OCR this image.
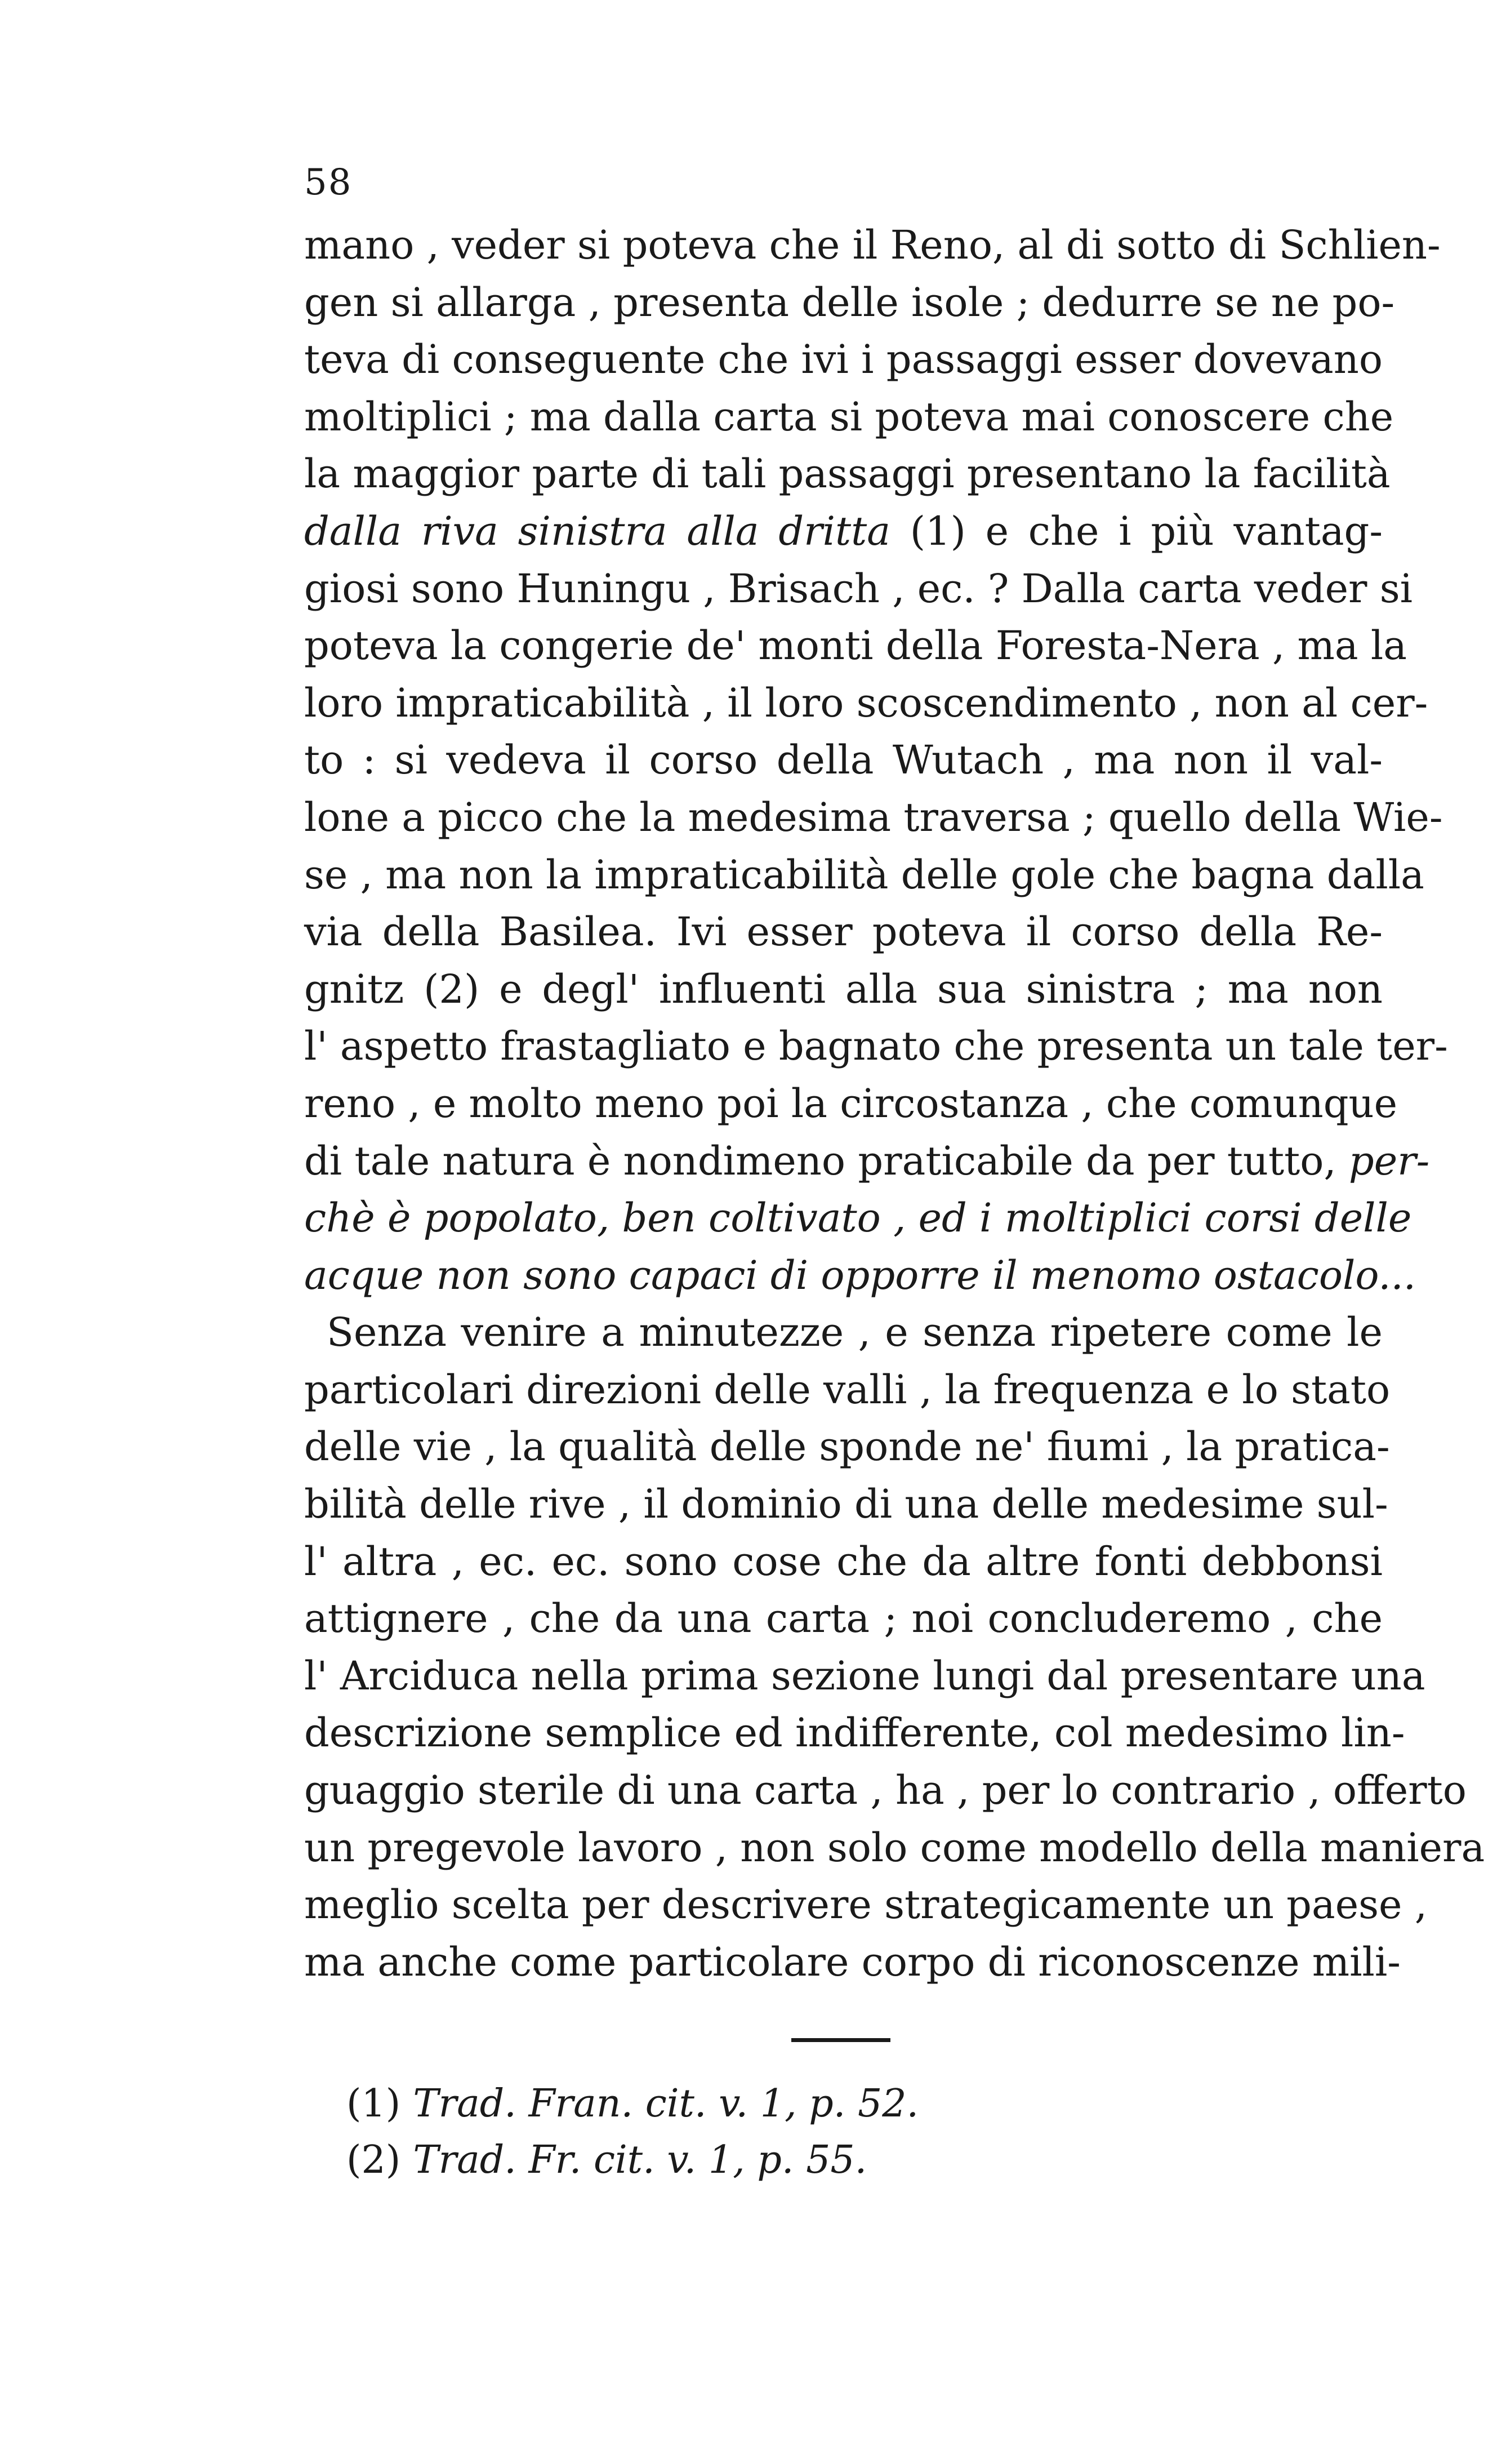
58
mano , veder si poteva che il Reno, al di sotto di Schlien-
gen si allarga , presenta delle isole ; dedurre se ne po-
teva di conseguente che ivi i passaggi esser dovevano
moltiplici ; ma dalla carta si poteva mai conoscere che
la maggior parte di tali passaggi presentano la facilità
dalla riva sinistra alla dritta (1) e che i più vantag-
giosi sono Huningu , Brisach , ec. ? Dalla carta veder si
poteva la congerie de' monti della Foresta-Nera , ma la
loro impraticabilità , il loro scoscendimento , non al cer-
to : si vedeva il corso della Wutach , ma non il val-
lone a picco che la medesima traversa ; quello della Wie-
se , ma non la impraticabilità delle gole che bagna dalla
via della Basilea. Ivi esser poteva il corso della Re-
gnitz (2) e degl' influenti alla sua sinistra ; ma non
l' aspetto frastagliato e bagnato che presenta un tale ter-
reno , e molto meno poi la circostanza , che comunque
di tale natura è nondimeno praticabile da per tutto, per-
chè è popolato, ben coltivato , ed i moltiplici corsi delle
acque non sono capaci di opporre il menomo ostacolo...
Senza venire a minutezze , e senza ripetere come le
particolari direzioni delle valli , la frequenza e lo stato
delle vie , la qualità delle sponde ne' fiumi , la pratica-
bilità delle rive , il dominio di una delle medesime sul-
l' altra , ec. ec. sono cose che da altre fonti debbonsi
attignere , che da una carta ; noi concluderemo , che
l' Arciduca nella prima sezione lungi dal presentare una
descrizione semplice ed indifferente, col medesimo lin-
guaggio sterile di una carta , ha , per lo contrario , offerto
un pregevole lavoro , non solo come modello della maniera
meglio scelta per descrivere strategicamente un paese ,
ma anche come particolare corpo di riconoscenze mili-
(1) Trad. Fran. cit. v. 1, p. 52.
(2) Trad. Fr. cit. v. 1, p. 55.
